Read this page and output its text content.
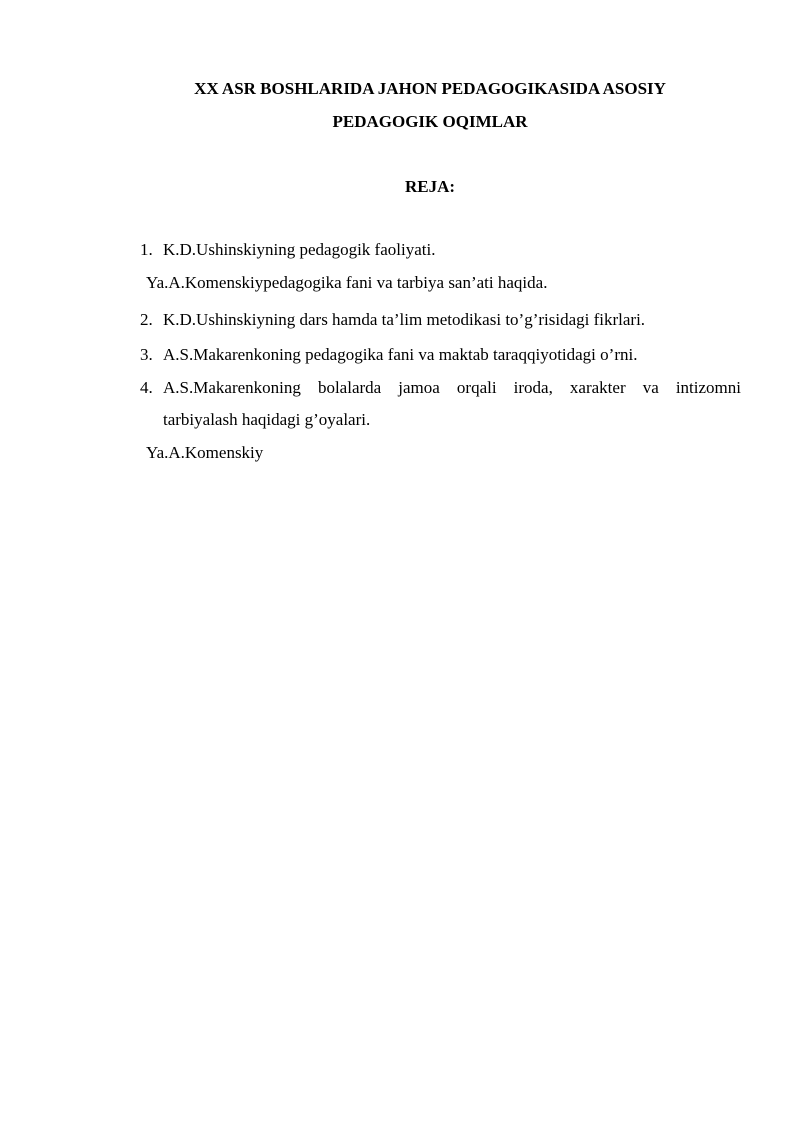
XX ASR BOSHLARIDA JAHON PEDAGOGIKASIDA ASOSIY
PEDAGOGIK OQIMLAR
REJA:
1. K.D.Ushinskiyning pedagogik faoliyati.
Ya.A.Komenskiypedagogika fani va tarbiya san’ati haqida.
2. K.D.Ushinskiyning dars hamda ta’lim metodikasi to’g’risidagi fikrlari.
3. A.S.Makarenkoning pedagogika fani va maktab taraqqiyotidagi o’rni.
4. A.S.Makarenkoning bolalarda jamoa orqali iroda, xarakter va intizomni
tarbiyalash haqidagi g’oyalari.
Ya.A.Komenskiy
